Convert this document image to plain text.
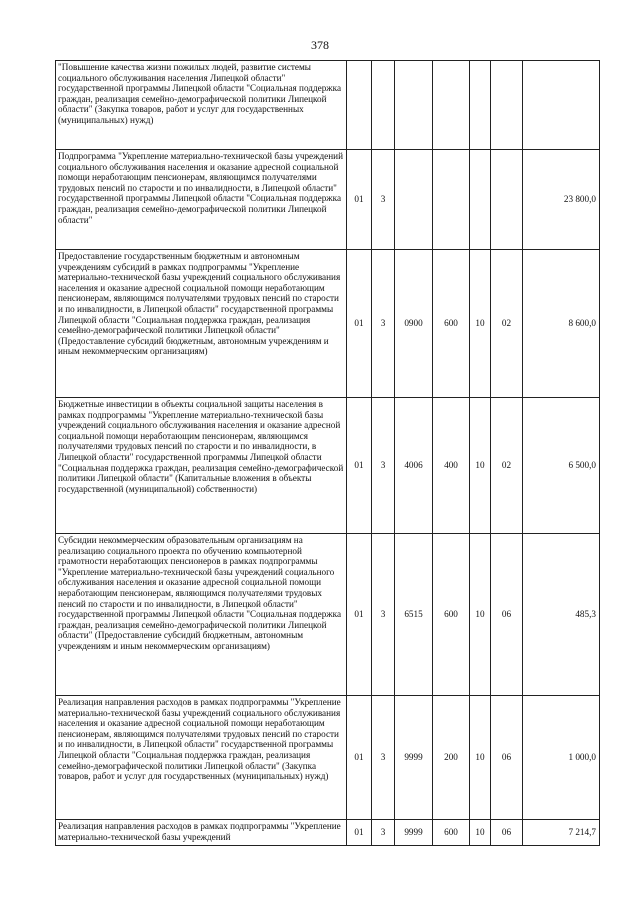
378
"Повышение качества жизни пожилых людей, развитие системы социального обслуживания населения Липецкой области" государственной программы Липецкой области "Социальная поддержка граждан, реализация семейно-демографической политики Липецкой области" (Закупка товаров, работ и услуг для государственных (муниципальных) нужд)							
Подпрограмма "Укрепление материально-технической базы учреждений социального обслуживания населения и оказание адресной социальной помощи неработающим пенсионерам, являющимся получателями трудовых пенсий по старости и по инвалидности, в Липецкой области" государственной программы Липецкой области "Социальная поддержка граждан, реализация семейно-демографической политики Липецкой области"	01	3					23 800,0
Предоставление государственным бюджетным и автономным учреждениям субсидий в рамках подпрограммы "Укрепление материально-технической базы учреждений социального обслуживания населения и оказание адресной социальной помощи неработающим пенсионерам, являющимся получателями трудовых пенсий по старости и по инвалидности, в Липецкой области" государственной программы Липецкой области "Социальная поддержка граждан, реализация семейно-демографической политики Липецкой области" (Предоставление субсидий бюджетным, автономным учреждениям и иным некоммерческим организациям)	01	3	0900	600	10	02	8 600,0
Бюджетные инвестиции в объекты социальной защиты населения в рамках подпрограммы "Укрепление материально-технической базы учреждений социального обслуживания населения и оказание адресной социальной помощи неработающим пенсионерам, являющимся получателями трудовых пенсий по старости и по инвалидности, в Липецкой области" государственной программы Липецкой области "Социальная поддержка граждан, реализация семейно-демографической политики Липецкой области" (Капитальные вложения в объекты государственной (муниципальной) собственности)	01	3	4006	400	10	02	6 500,0
Субсидии некоммерческим образовательным организациям на реализацию социального проекта по обучению компьютерной грамотности неработающих пенсионеров в рамках подпрограммы "Укрепление материально-технической базы учреждений социального обслуживания населения и оказание адресной социальной помощи неработающим пенсионерам, являющимся получателями трудовых пенсий по старости и по инвалидности, в Липецкой области" государственной программы Липецкой области "Социальная поддержка граждан, реализация семейно-демографической политики Липецкой области" (Предоставление субсидий бюджетным, автономным учреждениям и иным некоммерческим организациям)	01	3	6515	600	10	06	485,3
Реализация направления расходов в рамках подпрограммы "Укрепление материально-технической базы учреждений социального обслуживания населения и оказание адресной социальной помощи неработающим пенсионерам, являющимся получателями трудовых пенсий по старости и по инвалидности, в Липецкой области" государственной программы Липецкой области "Социальная поддержка граждан, реализация семейно-демографической политики Липецкой области" (Закупка товаров, работ и услуг для государственных (муниципальных) нужд)	01	3	9999	200	10	06	1 000,0
Реализация направления расходов в рамках подпрограммы "Укрепление материально-технической базы учреждений	01	3	9999	600	10	06	7 214,7
